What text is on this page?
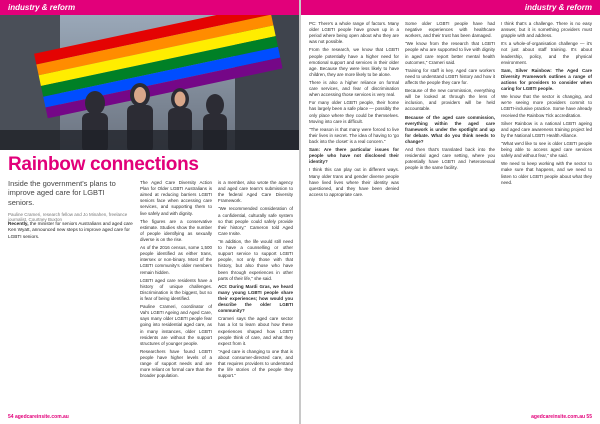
industry & reform
Rainbow connections
Inside the government's plans to improve aged care for LGBTI seniors.
Pauline Crameri, research fellow and Jo Minahen, freelance journalist, Courtney Buxton
Recently, the minister for seniors Australians and aged care Ken Wyatt, announced new steps to improve aged care for LGBTI seniors.

The Aged Care Diversity Action Plan for Older LGBTI Australians is aimed at reducing barriers LGBTI seniors face when accessing care services, and supporting them to live safely and with dignity.

The figures are a conservative estimate. Studies show the number of people identifying as sexually diverse is on the rise.

As of the 2016 census, some 1,500 people identified as either trans, intersex or non-binary. Most of the LGBTI community's older members remain hidden.

LGBTI aged care residents have a history of unique challenges. Discrimination is the biggest, but so is fear of being identified.

Pauline Crameri, coordinator of Val's LGBTI Ageing and Aged Care, says many older LGBTI people fear going into residential aged care, as in many instances, older LGBTI residents are without the support structures of younger people.

Researchers have found LGBTI people have higher levels of a range of support needs and are more reliant on formal care than the broader population.

is a member, also wrote the agency and aged care team's submission to the federal Aged Care Diversity Framework.

"We recommended consideration of a confidential, culturally safe system so that people could safely provide their history," Cameron told Aged Care Insite.

"In addition, the life would still need to have a counselling or other support service to support LGBTI people, not only those with that history, but also those who have been through experiences in other parts of their life," she said.

ACI: During Mardi Gras, we heard many young LGBTI people share their experiences; how would you describe the older LGBTI community?

Crameri says the aged care sector has a lot to learn about how these experiences shaped how LGBTI people think of care, and what they expect from it.

"Aged care is changing to one that is about consumer-directed care, and that requires providers to understand the life stories of the people they support."

54 agedcareinsite.com.au
industry & reform

PC: There's a whole range of factors. Many older LGBTI people have grown up in a period where being open about who they are was not possible.

From the research, we know that LGBTI people potentially have a higher need for emotional support and services in their older age. Because they were less likely to have children, they are more likely to be alone.

There is also a higher reliance on formal care services, and fear of discrimination when accessing those services is very real.

For many older LGBTI people, their home has largely been a safe place — possibly the only place where they could be themselves. Moving into care is difficult.

"The reason is that many were forced to live their lives in secret. The idea of having to 'go back into the closet' is a real concern."

Sam: Are there particular issues for people who have not disclosed their identity?

I think this can play out in different ways. Many older trans and gender diverse people have lived lives where their identity was questioned, and they have been denied access to appropriate care.

Some older LGBTI people have had negative experiences with healthcare workers, and their trust has been damaged.

"We know from the research that LGBTI people who are supported to live with dignity in aged care report better mental health outcomes," Crameri said.

Training for staff is key. Aged care workers need to understand LGBTI history and how it affects the people they care for.

Because of the new commission, everything will be looked at through the lens of inclusion, and providers will be held accountable.

Because of the aged care commission, everything within the aged care framework is under the spotlight and up for debate. What do you think needs to change?

And then that's translated back into the residential aged care setting, where you potentially have LGBTI and heterosexual people in the same facility.

I think that's a challenge. There is no easy answer, but it is something providers must grapple with and address.

It's a whole-of-organisation challenge — it's not just about staff training. It's about leadership, policy, and the physical environment.

Sam, Silver Rainbow: The Aged Care Diversity Framework outlines a range of actions for providers to consider when caring for LGBTI people.

We know that the sector is changing, and we're seeing more providers commit to LGBTI-inclusive practice. Some have already received the Rainbow Tick accreditation.

Silver Rainbow is a national LGBTI ageing and aged care awareness training project led by the National LGBTI Health Alliance.

"What we'd like to see is older LGBTI people being able to access aged care services safely and without fear," she said.

We need to keep working with the sector to make sure that happens, and we need to listen to older LGBTI people about what they need.

agedcareinsite.com.au 55
